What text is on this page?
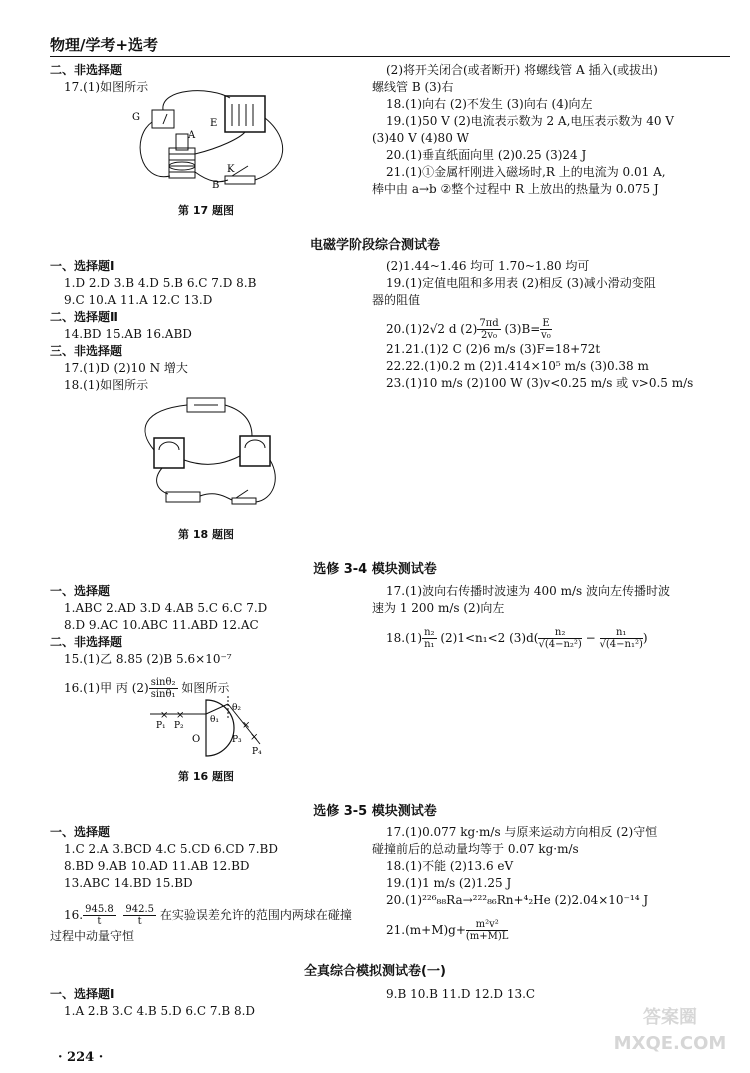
物理/学考+选考
二、非选择题
17.(1)如图所示
G
E
A
B
K
第 17 题图
(2)将开关闭合(或者断开) 将螺线管 A 插入(或拔出)
螺线管 B (3)右
18.(1)向右 (2)不发生 (3)向右 (4)向左
19.(1)50 V (2)电流表示数为 2 A,电压表示数为 40 V
(3)40 V (4)80 W
20.(1)垂直纸面向里 (2)0.25 (3)24 J
21.(1)①金属杆刚进入磁场时,R 上的电流为 0.01 A,
棒中由 a→b ②整个过程中 R 上放出的热量为 0.075 J
电磁学阶段综合测试卷
一、选择题Ⅰ
1.D 2.D 3.B 4.D 5.B 6.C 7.D 8.B
9.C 10.A 11.A 12.C 13.D
二、选择题Ⅱ
14.BD 15.AB 16.ABD
三、非选择题
17.(1)D (2)10 N 增大
18.(1)如图所示
第 18 题图
(2)1.44~1.46 均可 1.70~1.80 均可
19.(1)定值电阻和多用表 (2)相反 (3)减小滑动变阻
器的阻值
20.(1)2√2 d $(2) \frac{7\pi d}{\text{2v₀}} (3)B= \frac{E}{\text{v₀}}$
21.21.(1)2 C (2)6 m/s (3)F=18+72t
22.22.(1)0.2 m (2)1.414×10⁵ m/s (3)0.38 m
23.(1)10 m/s (2)100 W (3)v<0.25 m/s 或 v>0.5 m/s
选修 3-4 模块测试卷
一、选择题
1.ABC 2.AD 3.D 4.AB 5.C 6.C 7.D
8.D 9.AC 10.ABC 11.ABD 12.AC
二、非选择题
15.(1)乙 8.85 (2)B 5.6×10⁻⁷
16.(1)甲 丙 $(2) \frac{\text{sinθ₂}}{\text{sinθ₁}}$ 如图所示
× ×
×
×
P₁ P₂
P₃
P₄
O
θ₁
θ₂
第 16 题图
17.(1)波向右传播时波速为 400 m/s 波向左传播时波
速为 1 200 m/s (2)向左
$18.(1) \frac{\text{n₂}}{\text{n₁}} (2)1<n_1<2$ $(3)d( \frac{\text{n₂}}{\text{√(4−n₂²)}} - \frac{\text{n₁}}{\text{√(4−n₁²)}}$ )
选修 3-5 模块测试卷
一、选择题
1.C 2.A 3.BCD 4.C 5.CD 6.CD 7.BD
8.BD 9.AB 10.AD 11.AB 12.BD
13.ABC 14.BD 15.BD
16. $\frac{945.8}{t}$
$\frac{942.5}{t}$ 在实验误差允许的范围内两球在碰撞
过程中动量守恒
17.(1)0.077 kg·m/s 与原来运动方向相反 (2)守恒
碰撞前后的总动量均等于 0.07 kg·m/s
18.(1)不能 (2)13.6 eV
19.(1)1 m/s (2)1.25 J
20.(1)²²⁶₈₈Ra→²²²₈₆Rn+⁴₂He (2)2.04×10⁻¹⁴ J
$21.(m+M)g+ \frac{\text{m²v²}}{(m+M)L}$
全真综合模拟测试卷(一)
一、选择题Ⅰ
1.A 2.B 3.C 4.B 5.D 6.C 7.B 8.D
9.B 10.B 11.D 12.D 13.C
· 224 ·
答案圈
MXQE.COM
